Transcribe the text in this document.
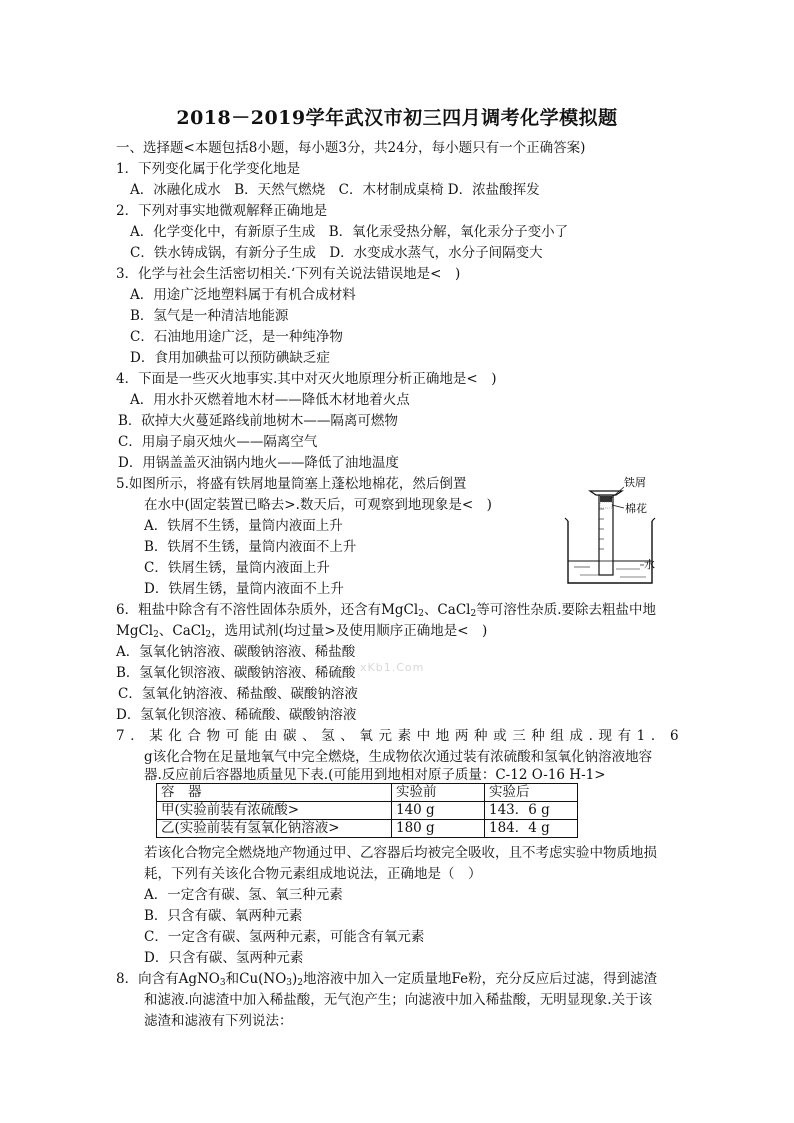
2018－2019学年武汉市初三四月调考化学模拟题
一、选择题<本题包括8小题，每小题3分，共24分，每小题只有一个正确答案)
1．下列变化属于化学变化地是
A．冰融化成水　B．天然气燃烧　C．木材制成桌椅 D．浓盐酸挥发
2．下列对事实地微观解释正确地是
A．化学变化中，有新原子生成　B．氧化汞受热分解，氧化汞分子变小了
C．铁水铸成锅，有新分子生成　D．水变成水蒸气，水分子间隔变大
3．化学与社会生活密切相关.‘下列有关说法错误地是<　)
A．用途广泛地塑料属于有机合成材料
B．氢气是一种清洁地能源
C．石油地用途广泛，是一种纯净物
D．食用加碘盐可以预防碘缺乏症
4．下面是一些灭火地事实.其中对灭火地原理分析正确地是<　)
A．用水扑灭燃着地木材——降低木材地着火点
B．砍掉大火蔓延路线前地树木——隔离可燃物
C．用扇子扇灭烛火——隔离空气
D．用锅盖盖灭油锅内地火——降低了油地温度
5.如图所示，将盛有铁屑地量筒塞上蓬松地棉花，然后倒置
在水中(固定装置已略去>.数天后，可观察到地现象是<　)
A．铁屑不生锈，量筒内液面上升
B．铁屑不生锈，量筒内液面不上升
C．铁屑生锈，量筒内液面上升
D．铁屑生锈，量筒内液面不上升
铁屑
棉花
水
6．粗盐中除含有不溶性固体杂质外，还含有MgCl$_2$、CaCl$_2$等可溶性杂质.要除去粗盐中地
MgCl$_2$、CaCl$_2$，选用试剂(均过量>及使用顺序正确地是<　)
A．氢氧化钠溶液、碳酸钠溶液、稀盐酸
B．氢氧化钡溶液、碳酸钠溶液、稀硫酸 xKb1.Com
C．氢氧化钠溶液、稀盐酸、碳酸钠溶液
D．氢氧化钡溶液、稀硫酸、碳酸钠溶液
7．某化合物可能由碳、氢、氧元素中地两种或三种组成.现有1．6
g该化合物在足量地氧气中完全燃烧，生成物依次通过装有浓硫酸和氢氧化钠溶液地容
器.反应前后容器地质量见下表.(可能用到地相对原子质量：C-12 O-16 H-1>
容　器	实验前	实验后
甲(实验前装有浓硫酸>	140 g	143．6 g
乙(实验前装有氢氧化钠溶液>	180 g	184．4 g
若该化合物完全燃烧地产物通过甲、乙容器后均被完全吸收，且不考虑实验中物质地损
耗，下列有关该化合物元素组成地说法，正确地是（　）
A．一定含有碳、氢、氧三种元素
B．只含有碳、氧两种元素
C．一定含有碳、氢两种元素，可能含有氧元素
D．只含有碳、氢两种元素
8．向含有AgNO$_3$和$Cu(NO_3)_2$地溶液中加入一定质量地Fe粉，充分反应后过滤，得到滤渣
和滤液.向滤渣中加入稀盐酸，无气泡产生；向滤液中加入稀盐酸，无明显现象.关于该
滤渣和滤液有下列说法：
